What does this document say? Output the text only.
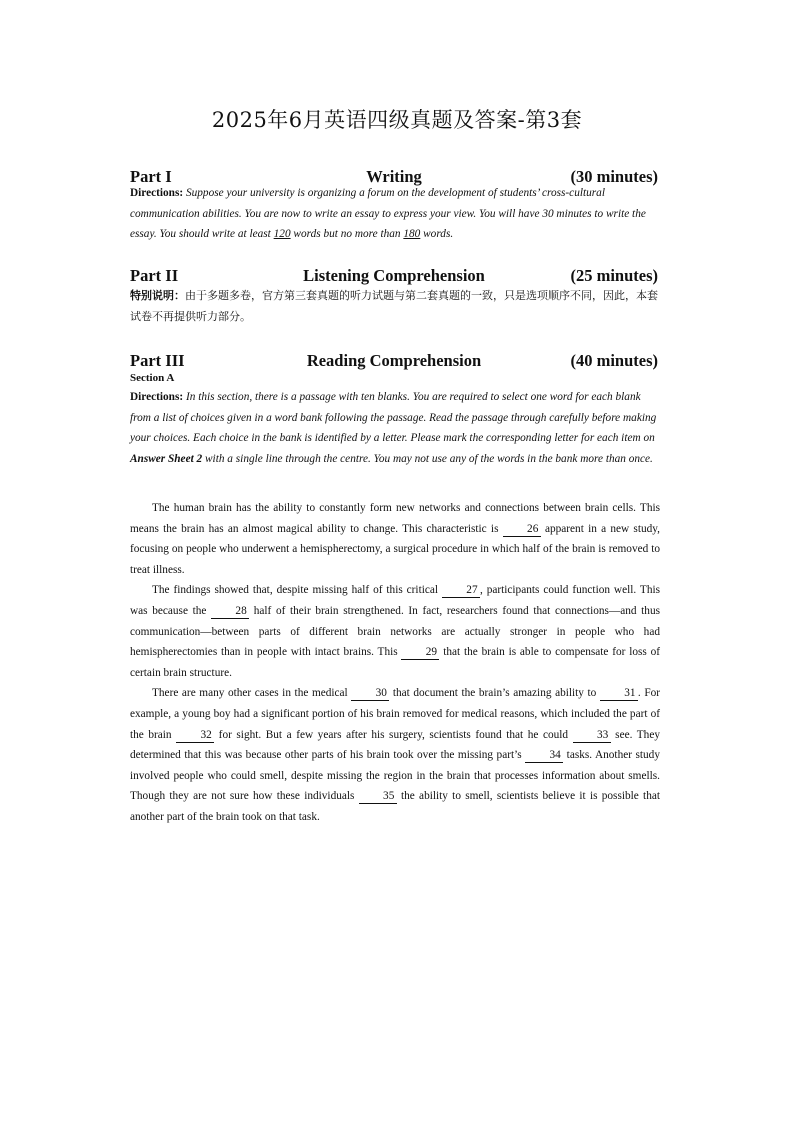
2025年6月英语四级真题及答案-第3套
Part I	Writing	(30 minutes)
Directions: Suppose your university is organizing a forum on the development of students’ cross-cultural communication abilities. You are now to write an essay to express your view. You will have 30 minutes to write the essay. You should write at least 120 words but no more than 180 words.
Part II	Listening Comprehension	(25 minutes)
特别说明：由于多题多卷，官方第三套真题的听力试题与第二套真题的一致，只是选项顺序不同，因此，本套试卷不再提供听力部分。
Part III	Reading Comprehension	(40 minutes)
Section A
Directions: In this section, there is a passage with ten blanks. You are required to select one word for each blank from a list of choices given in a word bank following the passage. Read the passage through carefully before making your choices. Each choice in the bank is identified by a letter. Please mark the corresponding letter for each item on Answer Sheet 2 with a single line through the centre. You may not use any of the words in the bank more than once.

The human brain has the ability to constantly form new networks and connections between brain cells. This means the brain has an almost magical ability to change. This characteristic is 26 apparent in a new study, focusing on people who underwent a hemispherectomy, a surgical procedure in which half of the brain is removed to treat illness.

The findings showed that, despite missing half of this critical 27 , participants could function well. This was because the 28 half of their brain strengthened. In fact, researchers found that connections—and thus communication—between parts of different brain networks are actually stronger in people who had hemispherectomies than in people with intact brains. This 29 that the brain is able to compensate for loss of certain brain structure.

There are many other cases in the medical 30 that document the brain’s amazing ability to 31 . For example, a young boy had a significant portion of his brain removed for medical reasons, which included the part of the brain 32 for sight. But a few years after his surgery, scientists found that he could 33 see. They determined that this was because other parts of his brain took over the missing part’s 34 tasks. Another study involved people who could smell, despite missing the region in the brain that processes information about smells. Though they are not sure how these individuals 35 the ability to smell, scientists believe it is possible that another part of the brain took on that task.
